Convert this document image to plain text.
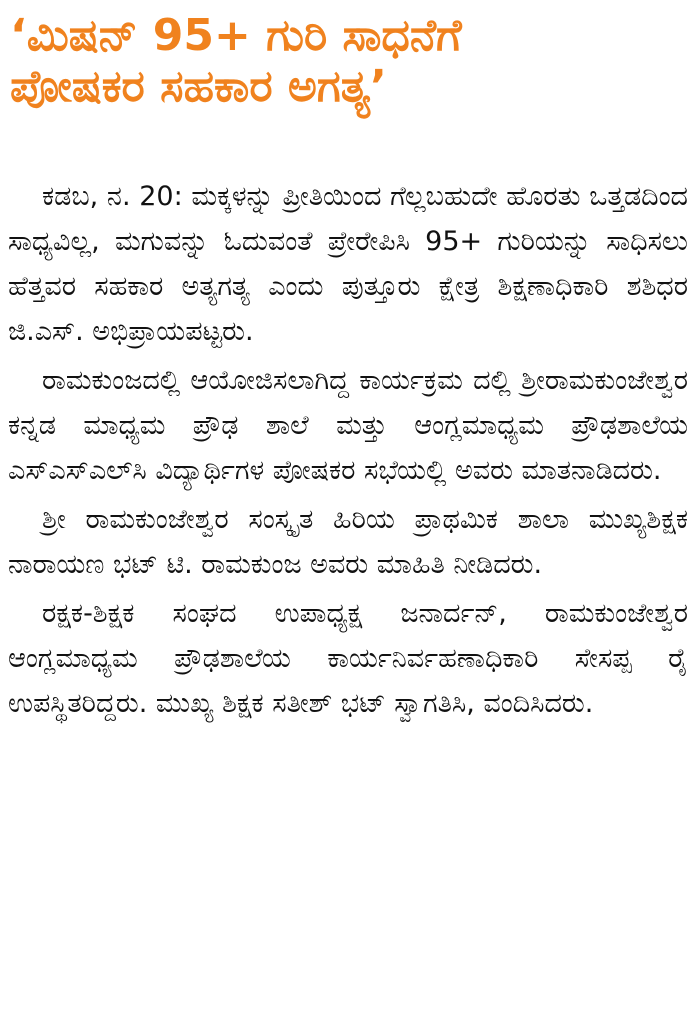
‘ಮಿಷನ್ 95+ ಗುರಿ ಸಾಧನೆಗೆ
ಪೋಷಕರ ಸಹಕಾರ ಅಗತ್ಯ’

ಕಡಬ, ನ. 20: ಮಕ್ಕಳನ್ನು ಪ್ರೀತಿಯಿಂದ ಗೆಲ್ಲಬಹುದೇ ಹೊರತು ಒತ್ತಡದಿಂದ ಸಾಧ್ಯವಿಲ್ಲ, ಮಗುವನ್ನು ಓದುವಂತೆ ಪ್ರೇರೇಪಿಸಿ 95+ ಗುರಿಯನ್ನು ಸಾಧಿಸಲು ಹೆತ್ತವರ ಸಹಕಾರ ಅತ್ಯಗತ್ಯ ಎಂದು ಪುತ್ತೂರು ಕ್ಷೇತ್ರ ಶಿಕ್ಷಣಾಧಿಕಾರಿ ಶಶಿಧರ ಜಿ.ಎಸ್. ಅಭಿಪ್ರಾಯಪಟ್ಟರು.

ರಾಮಕುಂಜದಲ್ಲಿ ಆಯೋಜಿಸಲಾಗಿದ್ದ ಕಾರ್ಯಕ್ರಮ ದಲ್ಲಿ ಶ್ರೀರಾಮಕುಂಜೇಶ್ವರ ಕನ್ನಡ ಮಾಧ್ಯಮ ಪ್ರೌಢ ಶಾಲೆ ಮತ್ತು ಆಂಗ್ಲಮಾಧ್ಯಮ ಪ್ರೌಢಶಾಲೆಯ ಎಸ್‌ಎಸ್‌ಎಲ್‌ಸಿ ವಿದ್ಯಾರ್ಥಿಗಳ ಪೋಷಕರ ಸಭೆಯಲ್ಲಿ ಅವರು ಮಾತನಾಡಿದರು.

ಶ್ರೀ ರಾಮಕುಂಜೇಶ್ವರ ಸಂಸ್ಕೃತ ಹಿರಿಯ ಪ್ರಾಥಮಿಕ ಶಾಲಾ ಮುಖ್ಯಶಿಕ್ಷಕ ನಾರಾಯಣ ಭಟ್ ಟಿ. ರಾಮಕುಂಜ ಅವರು ಮಾಹಿತಿ ನೀಡಿದರು.

ರಕ್ಷಕ-ಶಿಕ್ಷಕ ಸಂಘದ ಉಪಾಧ್ಯಕ್ಷ ಜನಾರ್ದನ್, ರಾಮಕುಂಜೇಶ್ವರ ಆಂಗ್ಲಮಾಧ್ಯಮ ಪ್ರೌಢಶಾಲೆಯ ಕಾರ್ಯನಿರ್ವಹಣಾಧಿಕಾರಿ ಸೇಸಪ್ಪ ರೈ ಉಪಸ್ಥಿತರಿದ್ದರು. ಮುಖ್ಯ ಶಿಕ್ಷಕ ಸತೀಶ್ ಭಟ್ ಸ್ವಾಗತಿಸಿ, ವಂದಿಸಿದರು.
